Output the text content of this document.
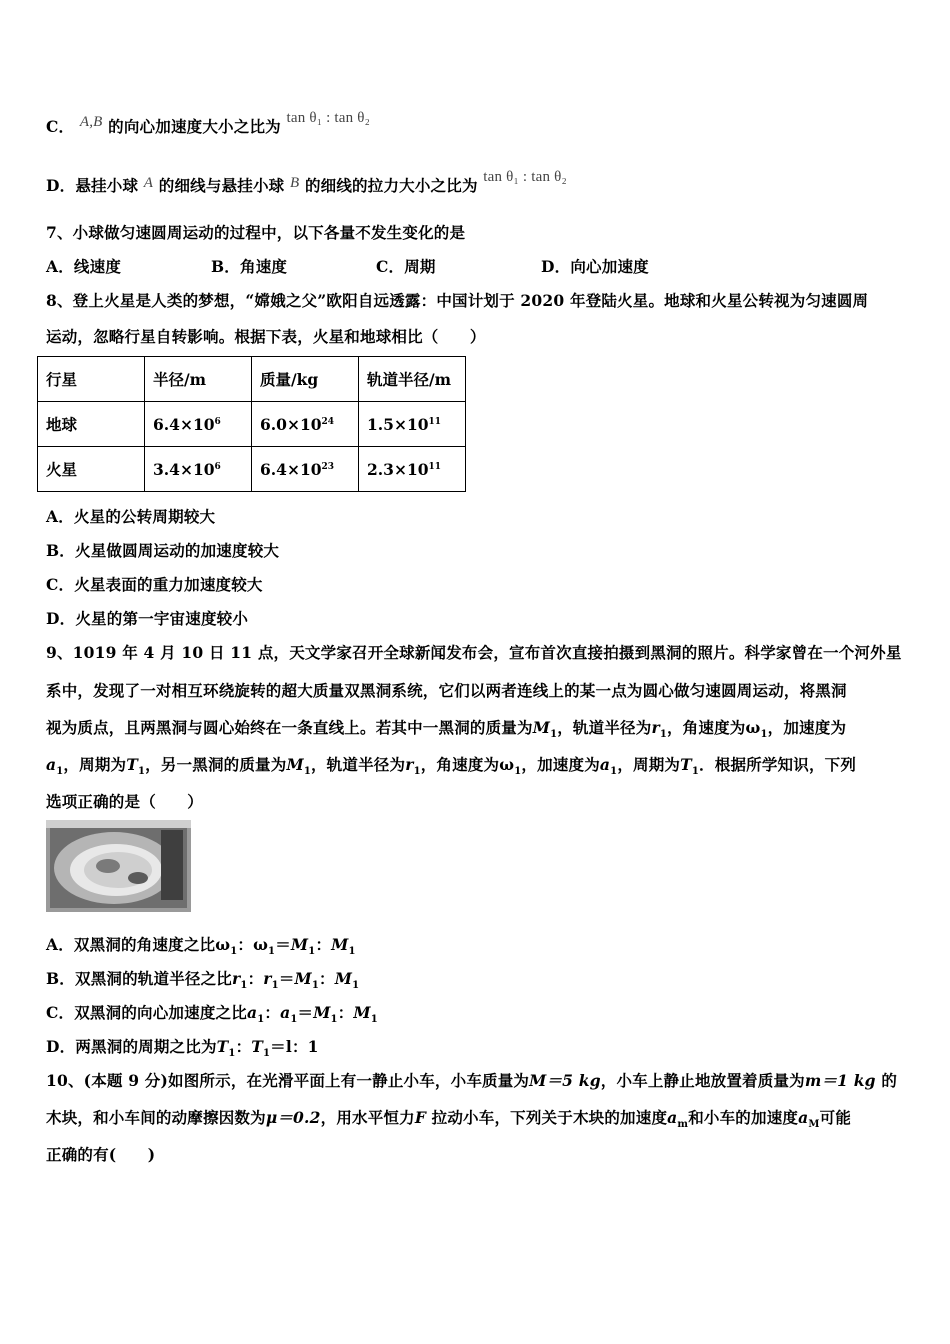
C． A,B 的向心加速度大小之比为 tan θ₁ : tan θ₂
D．悬挂小球 A 的细线与悬挂小球 B 的细线的拉力大小之比为 tan θ₁ : tan θ₂
7、小球做匀速圆周运动的过程中，以下各量不发生变化的是
A．线速度	B．角速度	C．周期	D．向心加速度
8、登上火星是人类的梦想，“嫦娥之父”欧阳自远透露：中国计划于 2020 年登陆火星。地球和火星公转视为匀速圆周
运动，忽略行星自转影响。根据下表，火星和地球相比（　　）
行星	半径/m	质量/kg	轨道半径/m
地球	$6.4\times 10^6$	$6.0\times 10^{24}$	$1.5\times 10^{11}$
火星	$3.4\times 10^6$	$6.4\times 10^{23}$	$2.3\times 10^{11}$
A．火星的公转周期较大
B．火星做圆周运动的加速度较大
C．火星表面的重力加速度较大
D．火星的第一宇宙速度较小
9、1019 年 4 月 10 日 11 点，天文学家召开全球新闻发布会，宣布首次直接拍摄到黑洞的照片。科学家曾在一个河外星
系中，发现了一对相互环绕旋转的超大质量双黑洞系统，它们以两者连线上的某一点为圆心做匀速圆周运动，将黑洞
视为质点，且两黑洞与圆心始终在一条直线上。若其中一黑洞的质量为$M_1$，轨道半径为$r_1$，角速度为$\omega_1$，加速度为
$a_1$，周期为$T_1$，另一黑洞的质量为$M_1$，轨道半径为$r_1$，角速度为$\omega_1$，加速度为$a_1$，周期为$T_1$．根据所学知识，下列
选项正确的是（　　）
A．双黑洞的角速度之比$\omega_1$：$\omega_1=M_1$：$M_1$
B．双黑洞的轨道半径之比$r_1$：$r_1=M_1$：$M_1$
C．双黑洞的向心加速度之比$a_1$：$a_1=M_1$：$M_1$
D．两黑洞的周期之比为$T_1$：$T_1=l$：1
10、(本题 9 分)如图所示，在光滑平面上有一静止小车，小车质量为M＝5 kg，小车上静止地放置着质量为m＝1 kg 的
木块，和小车间的动摩擦因数为μ＝0.2，用水平恒力F 拉动小车，下列关于木块的加速度$a_m$和小车的加速度$a_M$可能
正确的有(　　)
